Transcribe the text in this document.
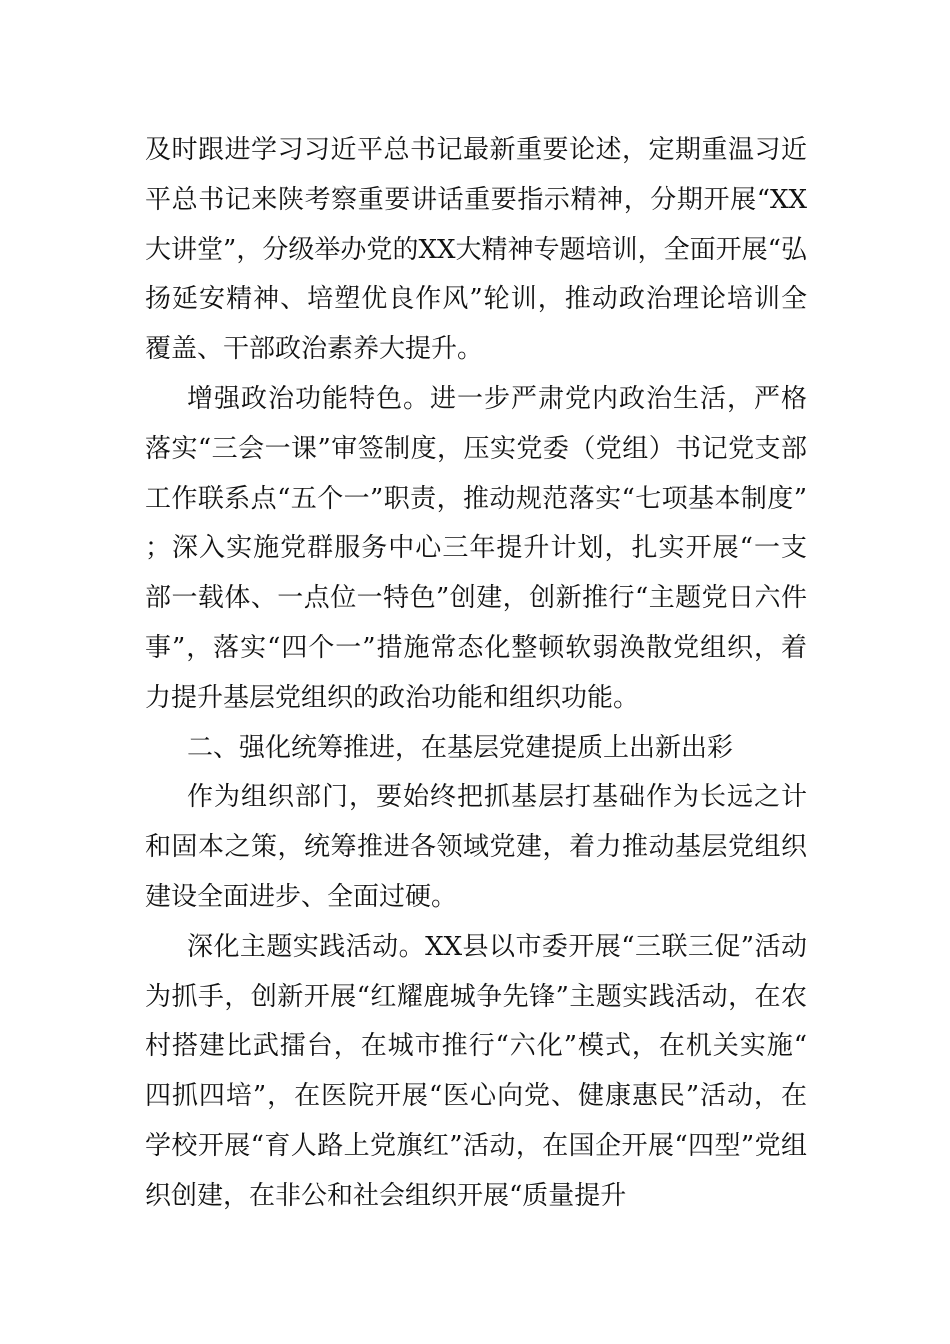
及时跟进学习习近平总书记最新重要论述，定期重温习近平总书记来陕考察重要讲话重要指示精神，分期开展“XX大讲堂”，分级举办党的XX大精神专题培训，全面开展“弘扬延安精神、培塑优良作风”轮训，推动政治理论培训全覆盖、干部政治素养大提升。

增强政治功能特色。进一步严肃党内政治生活，严格落实“三会一课”审签制度，压实党委（党组）书记党支部工作联系点“五个一”职责，推动规范落实“七项基本制度”；深入实施党群服务中心三年提升计划，扎实开展“一支部一载体、一点位一特色”创建，创新推行“主题党日六件事”，落实“四个一”措施常态化整顿软弱涣散党组织，着力提升基层党组织的政治功能和组织功能。

二、强化统筹推进，在基层党建提质上出新出彩

作为组织部门，要始终把抓基层打基础作为长远之计和固本之策，统筹推进各领域党建，着力推动基层党组织建设全面进步、全面过硬。

深化主题实践活动。XX县以市委开展“三联三促”活动为抓手，创新开展“红耀鹿城争先锋”主题实践活动，在农村搭建比武擂台，在城市推行“六化”模式，在机关实施“四抓四培”，在医院开展“医心向党、健康惠民”活动，在学校开展“育人路上党旗红”活动，在国企开展“四型”党组织创建，在非公和社会组织开展“质量提升
